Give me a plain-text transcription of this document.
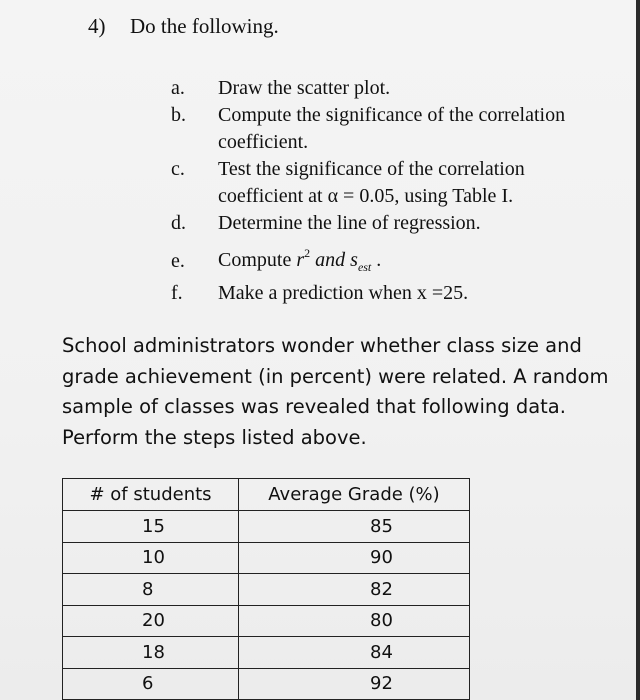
4) Do the following.
a. Draw the scatter plot.
b. Compute the significance of the correlation
coefficient.
c. Test the significance of the correlation
coefficient at α = 0.05, using Table I.
d. Determine the line of regression.
e. Compute $r^2$ and $s_{est}$ .
f. Make a prediction when x =25.

School administrators wonder whether class size and
grade achievement (in percent) were related. A random
sample of classes was revealed that following data.
Perform the steps listed above.

# of students	Average Grade (%)
15	85
10	90
8	82
20	80
18	84
6	92
